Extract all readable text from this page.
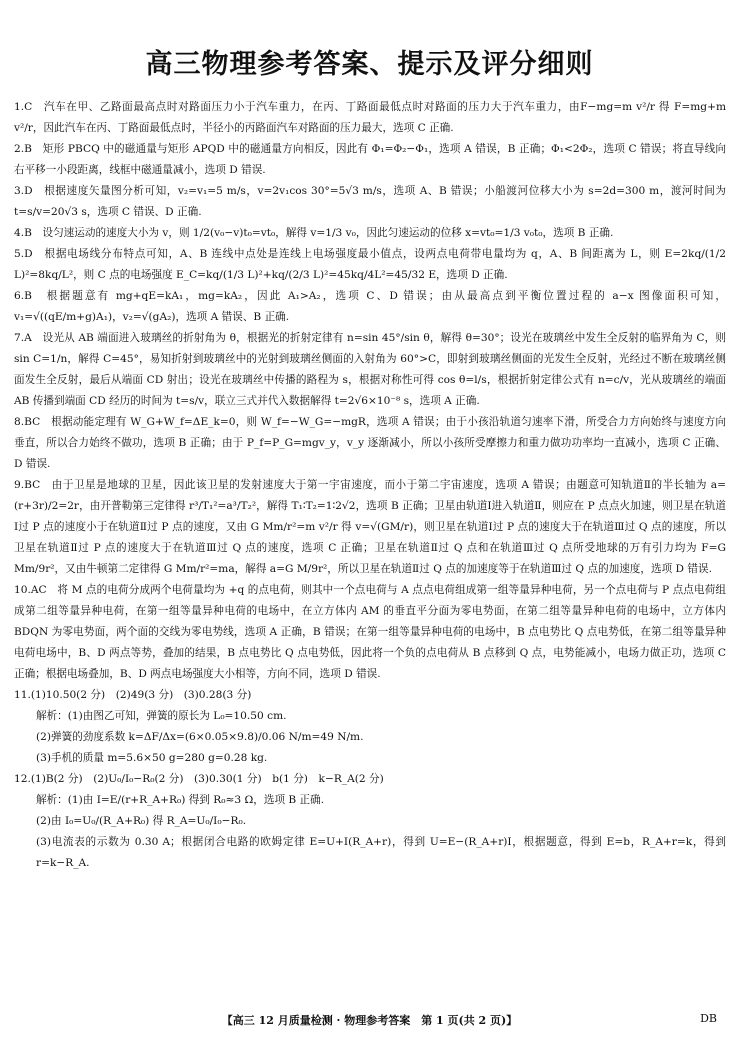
高三物理参考答案、提示及评分细则

1.C　汽车在甲、乙路面最高点时对路面压力小于汽车重力，在丙、丁路面最低点时对路面的压力大于汽车重力，由F−mg=m v²/r 得 F=mg+m v²/r，因此汽车在丙、丁路面最低点时，半径小的丙路面汽车对路面的压力最大，选项 C 正确.

2.B　矩形 PBCQ 中的磁通量与矩形 APQD 中的磁通量方向相反，因此有 Φ₁=Φ₂−Φ₁，选项 A 错误，B 正确；Φ₁<2Φ₂，选项 C 错误；将直导线向右平移一小段距离，线框中磁通量减小，选项 D 错误.

3.D　根据速度矢量图分析可知，v₂=v₁=5 m/s，v=2v₁cos 30°=5√3 m/s，选项 A、B 错误；小船渡河位移大小为 s=2d=300 m，渡河时间为 t=s/v=20√3 s，选项 C 错误、D 正确.

4.B　设匀速运动的速度大小为 v，则 1/2(v₀−v)t₀=vt₀，解得 v=1/3 v₀，因此匀速运动的位移 x=vt₀=1/3 v₀t₀，选项 B 正确.

5.D　根据电场线分布特点可知，A、B 连线中点处是连线上电场强度最小值点，设两点电荷带电量均为 q，A、B 间距离为 L，则 E=2kq/(1/2 L)²=8kq/L²，则 C 点的电场强度 E_C=kq/(1/3 L)²+kq/(2/3 L)²=45kq/4L²=45/32 E，选项 D 正确.

6.B　根据题意有 mg+qE=kA₁，mg=kA₂，因此 A₁>A₂，选项 C、D 错误；由从最高点到平衡位置过程的 a−x 图像面积可知，v₁=√((qE/m+g)A₁)，v₂=√(gA₂)，选项 A 错误、B 正确.

7.A　设光从 AB 端面进入玻璃丝的折射角为 θ，根据光的折射定律有 n=sin 45°/sin θ，解得 θ=30°；设光在玻璃丝中发生全反射的临界角为 C，则 sin C=1/n，解得 C=45°，易知折射到玻璃丝中的光射到玻璃丝侧面的入射角为 60°>C，即射到玻璃丝侧面的光发生全反射，光经过不断在玻璃丝侧面发生全反射，最后从端面 CD 射出；设光在玻璃丝中传播的路程为 s，根据对称性可得 cos θ=l/s，根据折射定律公式有 n=c/v，光从玻璃丝的端面 AB 传播到端面 CD 经历的时间为 t=s/v，联立三式并代入数据解得 t=2√6×10⁻⁸ s，选项 A 正确.

8.BC　根据动能定理有 W_G+W_f=ΔE_k=0，则 W_f=−W_G=−mgR，选项 A 错误；由于小孩沿轨道匀速率下滑，所受合力方向始终与速度方向垂直，所以合力始终不做功，选项 B 正确；由于 P_f=P_G=mgv_y，v_y 逐渐减小，所以小孩所受摩擦力和重力做功功率均一直减小，选项 C 正确、D 错误.

9.BC　由于卫星是地球的卫星，因此该卫星的发射速度大于第一宇宙速度，而小于第二宇宙速度，选项 A 错误；由题意可知轨道Ⅱ的半长轴为 a=(r+3r)/2=2r，由开普勒第三定律得 r³/T₁²=a³/T₂²，解得 T₁∶T₂=1∶2√2，选项 B 正确；卫星由轨道Ⅰ进入轨道Ⅱ，则应在 P 点点火加速，则卫星在轨道Ⅰ过 P 点的速度小于在轨道Ⅱ过 P 点的速度，又由 G Mm/r²=m v²/r 得 v=√(GM/r)，则卫星在轨道Ⅰ过 P 点的速度大于在轨道Ⅲ过 Q 点的速度，所以卫星在轨道Ⅱ过 P 点的速度大于在轨道Ⅲ过 Q 点的速度，选项 C 正确；卫星在轨道Ⅱ过 Q 点和在轨道Ⅲ过 Q 点所受地球的万有引力均为 F=G Mm/9r²，又由牛顿第二定律得 G Mm/r²=ma，解得 a=G M/9r²，所以卫星在轨道Ⅱ过 Q 点的加速度等于在轨道Ⅲ过 Q 点的加速度，选项 D 错误.

10.AC　将 M 点的电荷分成两个电荷量均为 +q 的点电荷，则其中一个点电荷与 A 点点电荷组成第一组等量异种电荷，另一个点电荷与 P 点点电荷组成第二组等量异种电荷，在第一组等量异种电荷的电场中，在立方体内 AM 的垂直平分面为零电势面，在第二组等量异种电荷的电场中，立方体内 BDQN 为零电势面，两个面的交线为零电势线，选项 A 正确，B 错误；在第一组等量异种电荷的电场中，B 点电势比 Q 点电势低，在第二组等量异种电荷电场中，B、D 两点等势，叠加的结果，B 点电势比 Q 点电势低，因此将一个负的点电荷从 B 点移到 Q 点，电势能减小，电场力做正功，选项 C 正确；根据电场叠加，B、D 两点电场强度大小相等，方向不同，选项 D 错误.

11.(1)10.50(2 分)　(2)49(3 分)　(3)0.28(3 分)

解析：(1)由图乙可知，弹簧的原长为 L₀=10.50 cm.

(2)弹簧的劲度系数 k=ΔF/Δx=(6×0.05×9.8)/0.06 N/m=49 N/m.

(3)手机的质量 m=5.6×50 g=280 g=0.28 kg.

12.(1)B(2 分)　(2)U₀/I₀−R₀(2 分)　(3)0.30(1 分)　b(1 分)　k−R_A(2 分)

解析：(1)由 I=E/(r+R_A+R₀) 得到 R₀≈3 Ω，选项 B 正确.

(2)由 I₀=U₀/(R_A+R₀) 得 R_A=U₀/I₀−R₀.

(3)电流表的示数为 0.30 A；根据闭合电路的欧姆定律 E=U+I(R_A+r)，得到 U=E−(R_A+r)I，根据题意，得到 E=b，R_A+r=k，得到 r=k−R_A.

【高三 12 月质量检测 · 物理参考答案　第 1 页(共 2 页)】	DB
